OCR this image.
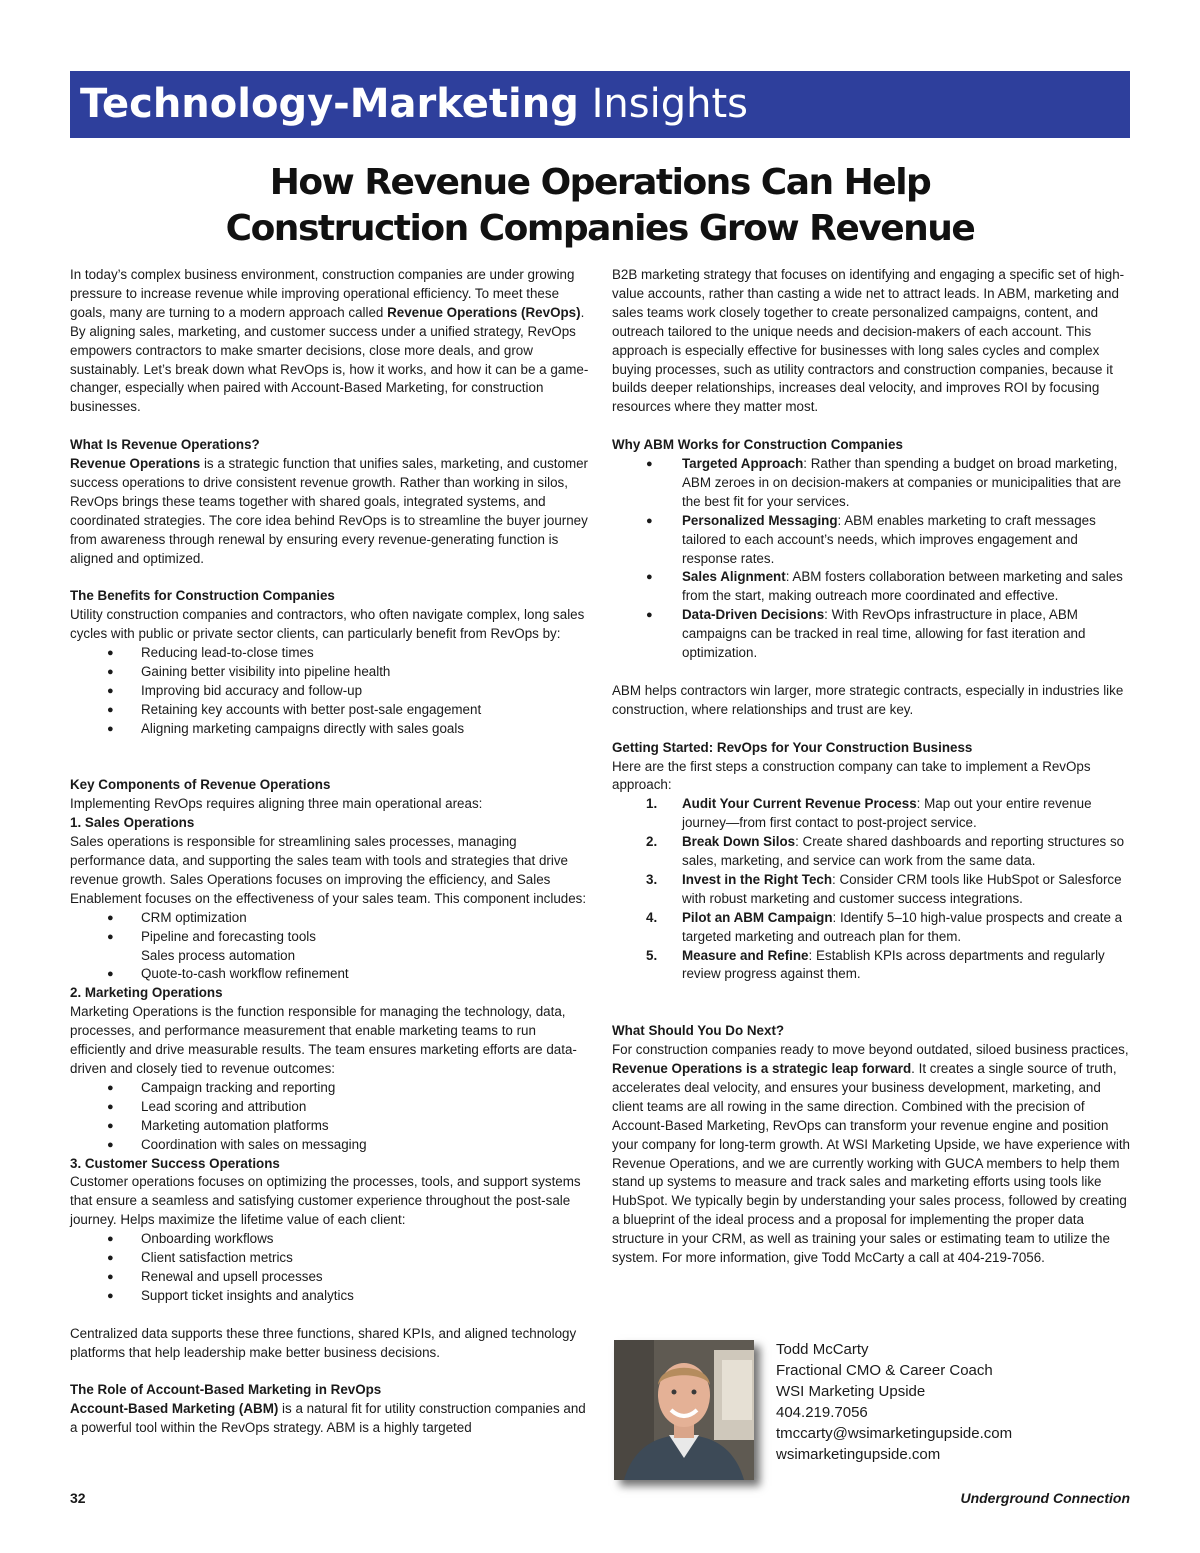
Technology-Marketing Insights
How Revenue Operations Can Help
Construction Companies Grow Revenue

In today’s complex business environment, construction companies are under growing pressure to increase revenue while improving operational efficiency. To meet these goals, many are turning to a modern approach called Revenue Operations (RevOps). By aligning sales, marketing, and customer success under a unified strategy, RevOps empowers contractors to make smarter decisions, close more deals, and grow sustainably. Let’s break down what RevOps is, how it works, and how it can be a game-changer, especially when paired with Account-Based Marketing, for construction businesses.

What Is Revenue Operations?

Revenue Operations is a strategic function that unifies sales, marketing, and customer success operations to drive consistent revenue growth. Rather than working in silos, RevOps brings these teams together with shared goals, integrated systems, and coordinated strategies. The core idea behind RevOps is to streamline the buyer journey from awareness through renewal by ensuring every revenue-generating function is aligned and optimized.

The Benefits for Construction Companies

Utility construction companies and contractors, who often navigate complex, long sales cycles with public or private sector clients, can particularly benefit from RevOps by:

● Reducing lead-to-close times
● Gaining better visibility into pipeline health
● Improving bid accuracy and follow-up
● Retaining key accounts with better post-sale engagement
● Aligning marketing campaigns directly with sales goals

Key Components of Revenue Operations

Implementing RevOps requires aligning three main operational areas:

1. Sales Operations

Sales operations is responsible for streamlining sales processes, managing performance data, and supporting the sales team with tools and strategies that drive revenue growth. Sales Operations focuses on improving the efficiency, and Sales Enablement focuses on the effectiveness of your sales team. This component includes:

● CRM optimization
● Pipeline and forecasting tools
Sales process automation
● Quote-to-cash workflow refinement

2. Marketing Operations

Marketing Operations is the function responsible for managing the technology, data, processes, and performance measurement that enable marketing teams to run efficiently and drive measurable results. The team ensures marketing efforts are data-driven and closely tied to revenue outcomes:

● Campaign tracking and reporting
● Lead scoring and attribution
● Marketing automation platforms
● Coordination with sales on messaging

3. Customer Success Operations

Customer operations focuses on optimizing the processes, tools, and support systems that ensure a seamless and satisfying customer experience throughout the post-sale journey. Helps maximize the lifetime value of each client:

● Onboarding workflows
● Client satisfaction metrics
● Renewal and upsell processes
● Support ticket insights and analytics

Centralized data supports these three functions, shared KPIs, and aligned technology platforms that help leadership make better business decisions.

The Role of Account-Based Marketing in RevOps

Account-Based Marketing (ABM) is a natural fit for utility construction companies and a powerful tool within the RevOps strategy. ABM is a highly targeted

B2B marketing strategy that focuses on identifying and engaging a specific set of high-value accounts, rather than casting a wide net to attract leads. In ABM, marketing and sales teams work closely together to create personalized campaigns, content, and outreach tailored to the unique needs and decision-makers of each account. This approach is especially effective for businesses with long sales cycles and complex buying processes, such as utility contractors and construction companies, because it builds deeper relationships, increases deal velocity, and improves ROI by focusing resources where they matter most.

Why ABM Works for Construction Companies

● Targeted Approach: Rather than spending a budget on broad marketing, ABM zeroes in on decision-makers at companies or municipalities that are the best fit for your services.
● Personalized Messaging: ABM enables marketing to craft messages tailored to each account’s needs, which improves engagement and response rates.
● Sales Alignment: ABM fosters collaboration between marketing and sales from the start, making outreach more coordinated and effective.
● Data-Driven Decisions: With RevOps infrastructure in place, ABM campaigns can be tracked in real time, allowing for fast iteration and optimization.

ABM helps contractors win larger, more strategic contracts, especially in industries like construction, where relationships and trust are key.

Getting Started: RevOps for Your Construction Business

Here are the first steps a construction company can take to implement a RevOps approach:

1. Audit Your Current Revenue Process: Map out your entire revenue journey—from first contact to post-project service.
2. Break Down Silos: Create shared dashboards and reporting structures so sales, marketing, and service can work from the same data.
3. Invest in the Right Tech: Consider CRM tools like HubSpot or Salesforce with robust marketing and customer success integrations.
4. Pilot an ABM Campaign: Identify 5–10 high-value prospects and create a targeted marketing and outreach plan for them.
5. Measure and Refine: Establish KPIs across departments and regularly review progress against them.

What Should You Do Next?

For construction companies ready to move beyond outdated, siloed business practices, Revenue Operations is a strategic leap forward. It creates a single source of truth, accelerates deal velocity, and ensures your business development, marketing, and client teams are all rowing in the same direction. Combined with the precision of Account-Based Marketing, RevOps can transform your revenue engine and position your company for long-term growth. At WSI Marketing Upside, we have experience with Revenue Operations, and we are currently working with GUCA members to help them stand up systems to measure and track sales and marketing efforts using tools like HubSpot. We typically begin by understanding your sales process, followed by creating a blueprint of the ideal process and a proposal for implementing the proper data structure in your CRM, as well as training your sales or estimating team to utilize the system. For more information, give Todd McCarty a call at 404-219-7056.

Todd McCarty
Fractional CMO & Career Coach
WSI Marketing Upside
404.219.7056
tmccarty@wsimarketingupside.com
wsimarketingupside.com
32	Underground Connection
